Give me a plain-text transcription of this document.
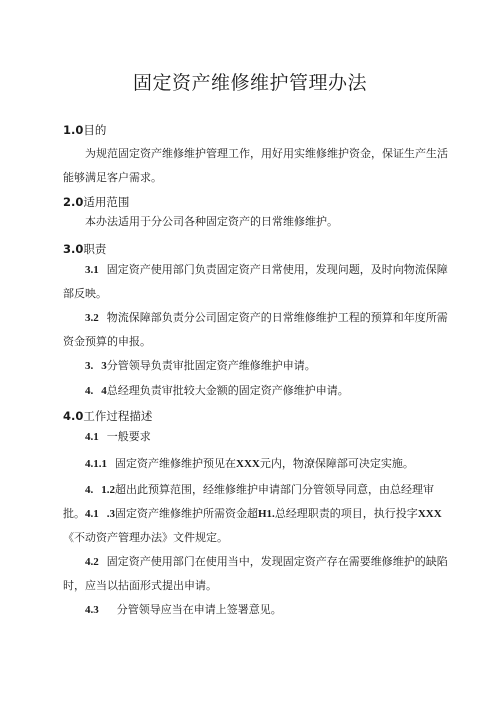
固定资产维修维护管理办法
1.0目的
为规范固定资产维修维护管理工作，用好用实维修维护资金，保证生产生活能够满足客户需求。
2.0适用范围
本办法适用于分公司各种固定资产的日常维修维护。
3.0职责
3.1 固定资产使用部门负责固定资产日常使用，发现问题，及时向物流保障部反映。
3.2 物流保障部负责分公司固定资产的日常维修维护工程的预算和年度所需资金预算的申报。
3. 3分管领导负责审批固定资产维修维护申请。
4. 4总经理负责审批较大金额的固定资产修维护申请。
4.0工作过程描述
4.1 一般要求
4.1.1 固定资产维修维护预见在XXX元内，物潦保障部可决定实施。
4. 1.2超出此预算范围，经维修维护申请部门分管领导同意，由总经理审批。 4.1 .3固定资产维修维护所需资金超H1.总经理职责的项目，执行投字XXX《不动资产管理办法》文件规定。
4.2 固定资产使用部门在使用当中，发现固定资产存在需要维修维护的缺陷时，应当以拈面形式提出申请。
4.3 分管领导应当在申请上签署意见。
